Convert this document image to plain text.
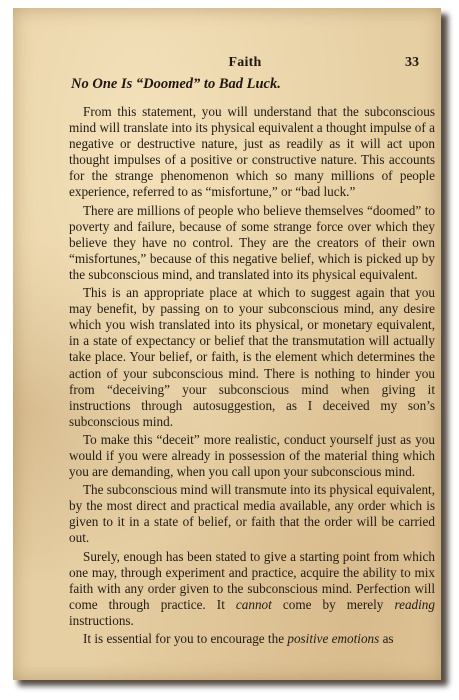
Faith	33
No One Is “Doomed” to Bad Luck.

From this statement, you will understand that the subconscious mind will translate into its physical equivalent a thought impulse of a negative or destructive nature, just as readily as it will act upon thought impulses of a positive or constructive nature. This accounts for the strange phenomenon which so many millions of people experience, referred to as “misfortune,” or “bad luck.”

There are millions of people who believe themselves “doomed” to poverty and failure, because of some strange force over which they believe they have no control. They are the creators of their own “misfortunes,” because of this negative belief, which is picked up by the subconscious mind, and translated into its physical equivalent.

This is an appropriate place at which to suggest again that you may benefit, by passing on to your subconscious mind, any desire which you wish translated into its physical, or monetary equivalent, in a state of expectancy or belief that the transmutation will actually take place. Your belief, or faith, is the element which determines the action of your subconscious mind. There is nothing to hinder you from “deceiving” your subconscious mind when giving it instructions through autosuggestion, as I deceived my son’s subconscious mind.

To make this “deceit” more realistic, conduct yourself just as you would if you were already in possession of the material thing which you are demanding, when you call upon your subconscious mind.

The subconscious mind will transmute into its physical equivalent, by the most direct and practical media available, any order which is given to it in a state of belief, or faith that the order will be carried out.

Surely, enough has been stated to give a starting point from which one may, through experiment and practice, acquire the ability to mix faith with any order given to the subconscious mind. Perfection will come through practice. It cannot come by merely reading instructions.

It is essential for you to encourage the positive emotions as
